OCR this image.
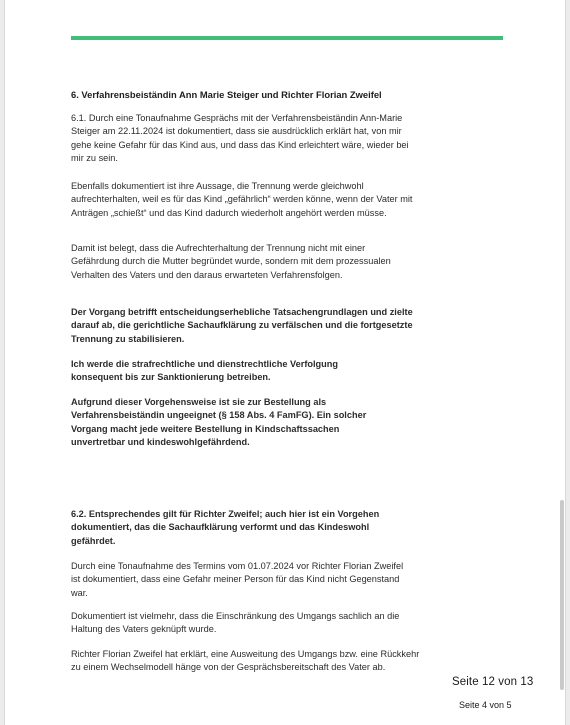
6. Verfahrensbeiständin Ann Marie Steiger und Richter Florian Zweifel

6.1. Durch eine Tonaufnahme Gesprächs mit der Verfahrensbeiständin Ann-Marie Steiger am 22.11.2024 ist dokumentiert, dass sie ausdrücklich erklärt hat, von mir gehe keine Gefahr für das Kind aus, und dass das Kind erleichtert wäre, wieder bei mir zu sein.

Ebenfalls dokumentiert ist ihre Aussage, die Trennung werde gleichwohl aufrechterhalten, weil es für das Kind „gefährlich“ werden könne, wenn der Vater mit Anträgen „schießt“ und das Kind dadurch wiederholt angehört werden müsse.

Damit ist belegt, dass die Aufrechterhaltung der Trennung nicht mit einer Gefährdung durch die Mutter begründet wurde, sondern mit dem prozessualen Verhalten des Vaters und den daraus erwarteten Verfahrensfolgen.

Der Vorgang betrifft entscheidungserhebliche Tatsachengrundlagen und zielte darauf ab, die gerichtliche Sachaufklärung zu verfälschen und die fortgesetzte Trennung zu stabilisieren.

Ich werde die strafrechtliche und dienstrechtliche Verfolgung konsequent bis zur Sanktionierung betreiben.

Aufgrund dieser Vorgehensweise ist sie zur Bestellung als Verfahrensbeiständin ungeeignet (§ 158 Abs. 4 FamFG). Ein solcher Vorgang macht jede weitere Bestellung in Kindschaftssachen unvertretbar und kindeswohlgefährdend.

6.2. Entsprechendes gilt für Richter Zweifel; auch hier ist ein Vorgehen dokumentiert, das die Sachaufklärung verformt und das Kindeswohl gefährdet.

Durch eine Tonaufnahme des Termins vom 01.07.2024 vor Richter Florian Zweifel ist dokumentiert, dass eine Gefahr meiner Person für das Kind nicht Gegenstand war.

Dokumentiert ist vielmehr, dass die Einschränkung des Umgangs sachlich an die Haltung des Vaters geknüpft wurde.

Richter Florian Zweifel hat erklärt, eine Ausweitung des Umgangs bzw. eine Rückkehr zu einem Wechselmodell hänge von der Gesprächsbereitschaft des Vater ab.

Seite 12 von 13
Seite 4 von 5
